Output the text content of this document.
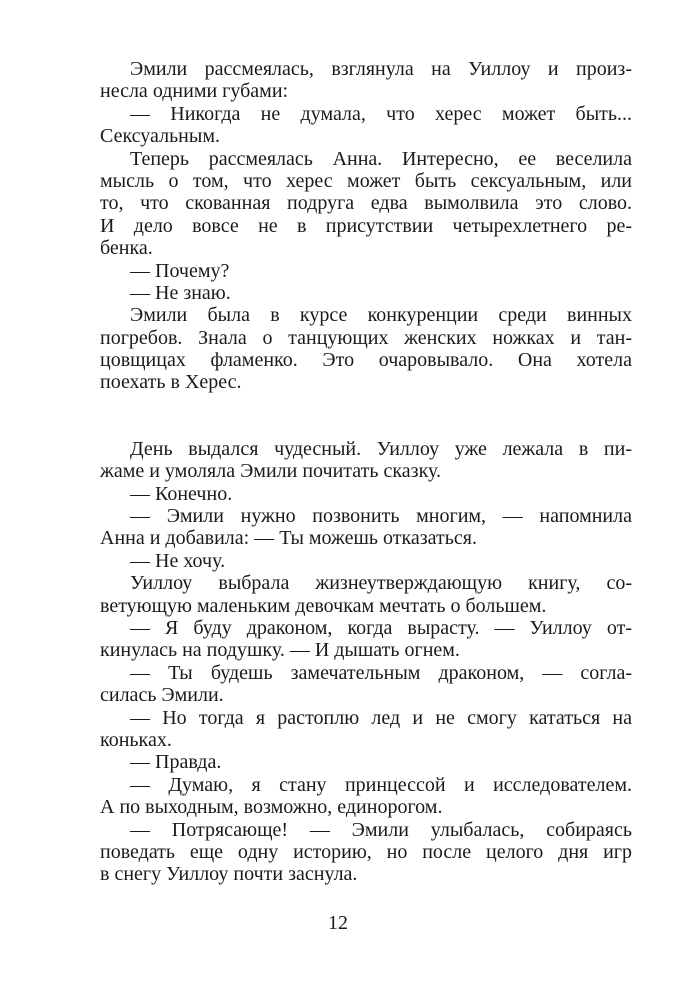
Эмили рассмеялась, взглянула на Уиллоу и произ-
несла одними губами:
— Никогда не думала, что херес может быть...
Сексуальным.
Теперь рассмеялась Анна. Интересно, ее веселила
мысль о том, что херес может быть сексуальным, или
то, что скованная подруга едва вымолвила это слово.
И дело вовсе не в присутствии четырехлетнего ре-
бенка.
— Почему?
— Не знаю.
Эмили была в курсе конкуренции среди винных
погребов. Знала о танцующих женских ножках и тан-
цовщицах фламенко. Это очаровывало. Она хотела
поехать в Херес.
День выдался чудесный. Уиллоу уже лежала в пи-
жаме и умоляла Эмили почитать сказку.
— Конечно.
— Эмили нужно позвонить многим, — напомнила
Анна и добавила: — Ты можешь отказаться.
— Не хочу.
Уиллоу выбрала жизнеутверждающую книгу, со-
ветующую маленьким девочкам мечтать о большем.
— Я буду драконом, когда вырасту. — Уиллоу от-
кинулась на подушку. — И дышать огнем.
— Ты будешь замечательным драконом, — согла-
силась Эмили.
— Но тогда я растоплю лед и не смогу кататься на
коньках.
— Правда.
— Думаю, я стану принцессой и исследователем.
А по выходным, возможно, единорогом.
— Потрясающе! — Эмили улыбалась, собираясь
поведать еще одну историю, но после целого дня игр
в снегу Уиллоу почти заснула.
12
